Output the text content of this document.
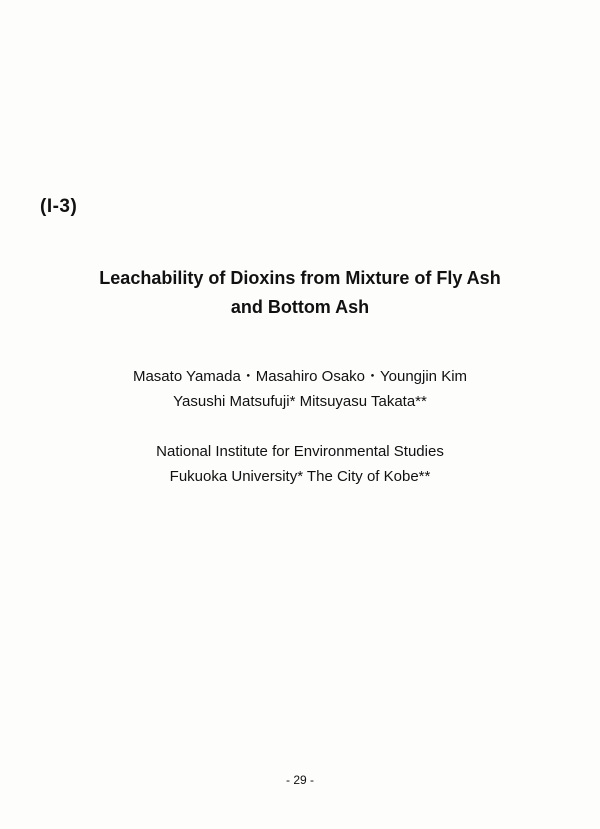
(I-3)
Leachability of Dioxins from Mixture of Fly Ash
and Bottom Ash
Masato Yamada・Masahiro Osako・Youngjin Kim
Yasushi Matsufuji* Mitsuyasu Takata**
National Institute for Environmental Studies
Fukuoka University* The City of Kobe**
- 29 -
